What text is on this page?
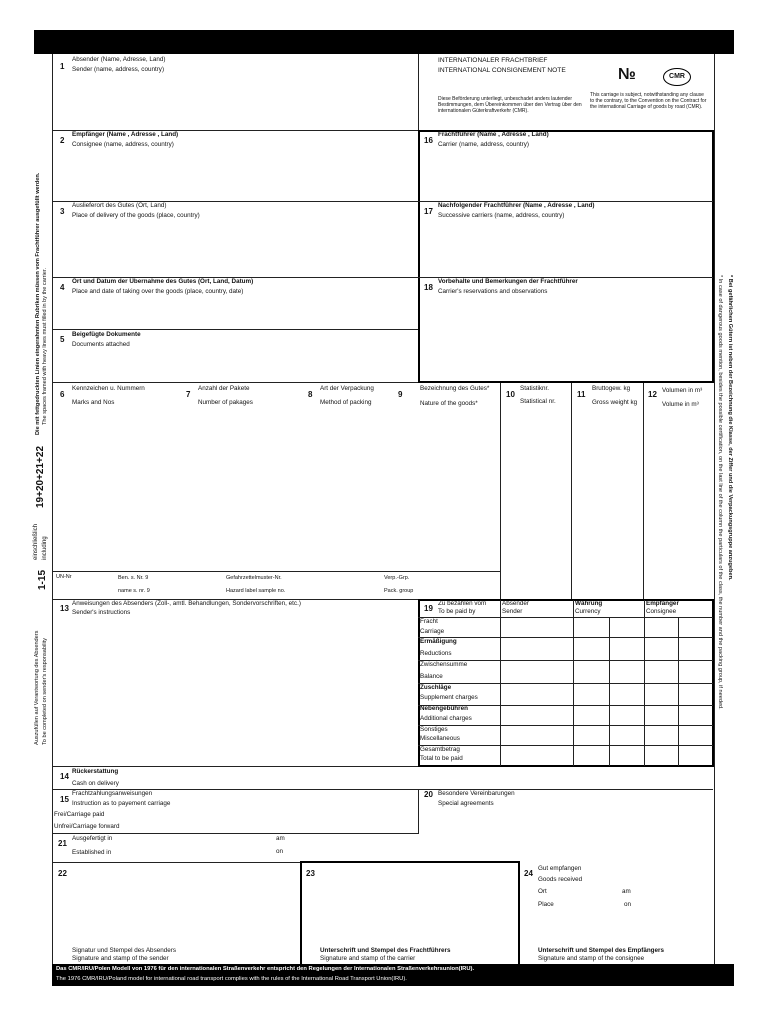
1
Absender (Name, Adresse, Land)
Sender (name, address, country)
2
Empfänger (Name , Adresse , Land)
Consignee (name, address, country)
3
Auslieferort des Gutes (Ort, Land)
Place of delivery of the goods (place, country)
4
Ort und Datum der Übernahme des Gutes (Ort, Land, Datum)
Place and date of taking over the goods (place, country, date)
5
Beigefügte Dokumente
Documents attached
INTERNATIONALER FRACHTBRIEF
INTERNATIONAL CONSIGNEMENT NOTE	№	CMR
Diese Beförderung unterliegt, unbeschadet anders lautender Bestimmungen, dem Übereinkommen über den Vertrag über den internationalen Güterkraftverkehr (CMR).
This carriage is subject, notwithstanding any clause to the contrary, to the Convention on the Contract for the international Carriage of goods by road (CMR).
16
Frachtführer (Name , Adresse , Land)
Carrier (name, address, country)
17
Nachfolgender Frachtführer (Name , Adresse , Land)
Successive carriers (name, address, country)
18
Vorbehalte und Bemerkungen der Frachtführer
Carrier's reservations and observations
6
Kennzeichen u. Nummern
Marks and Nos
7
Anzahl der Pakete
Number of pakages
8
Art der Verpackung
Method of packing
9
Bezeichnung des Gutes*
Nature of the goods*
10
Statistiknr.
Statistical nr.
11
Bruttogew. kg
Gross weight kg
12 Volumen in m³
Volume in m³
UN-Nr	Ben. s. Nr. 9
name s. nr. 9
Gefahrzettelmuster-Nr.
Hazard label sample no.
Verp.-Grp.
Pack. group
13
Anweisungen des Absenders (Zoll-, amtl. Behandlungen, Sondervorschriften, etc.)
Sender's instructions	19
Zu bezahlen vom
To be paid by
Absender
Sender
Währung
Currency
Empfänger
Consignee
Fracht
Carriage
Ermäßigung
Reductions
Zwischensumme
Balance
Zuschläge
Supplement charges
Nebengebühren
Additional charges
Sonstiges
Miscellaneous
Gesamtbetrag
Total to be paid
14
Rückerstattung
Cash on delivery
15
Frachtzahlungsanweisungen
Instruction as to payement carriage
Frei/Carriage paid
Unfrei/Carriage forward
20 Besondere Vereinbarungen
Special agreements
21
Ausgefertigt in
Established in
am
on
22
Signatur und Stempel des Absenders
Signature and stamp of the sender
23
Unterschrift und Stempel des Frachtführers
Signature and stamp of the carrier
24
Gut empfangen
Goods received
Ort	am
Place	on
Unterschrift und Stempel des Empfängers
Signature and stamp of the consignee
Das CMR/IRU/Polen Modell von 1976 für den internationalen Straßenverkehr entspricht den Regelungen der Internationalen Straßenverkehrsunion(IRU).
The 1976 CMR/IRU/Poland model for international road transport complies with the rules of the International Road Transport Union(IRU).
1-15
einschließlich including
19+20+21+22
Die mit fettgedruckten Linien eingerahmten Rubriken müssen vom Frachtführer ausgefüllt werden. The spaces framed with heavy lines must filled in by the carrier.
Auszufüllen auf Verantwortung des Absenders To be completed on sender's responsability
* Bei gefährlichen Gütern ist neben der Bezeichnung die Klasse, der Ziffer und die Verpackungsgruppe anzugeben.
* In case of dangerous goods mention, besides the possible certification, on the last line of the column the particulars of the class, the number and the packing group, if needed.
